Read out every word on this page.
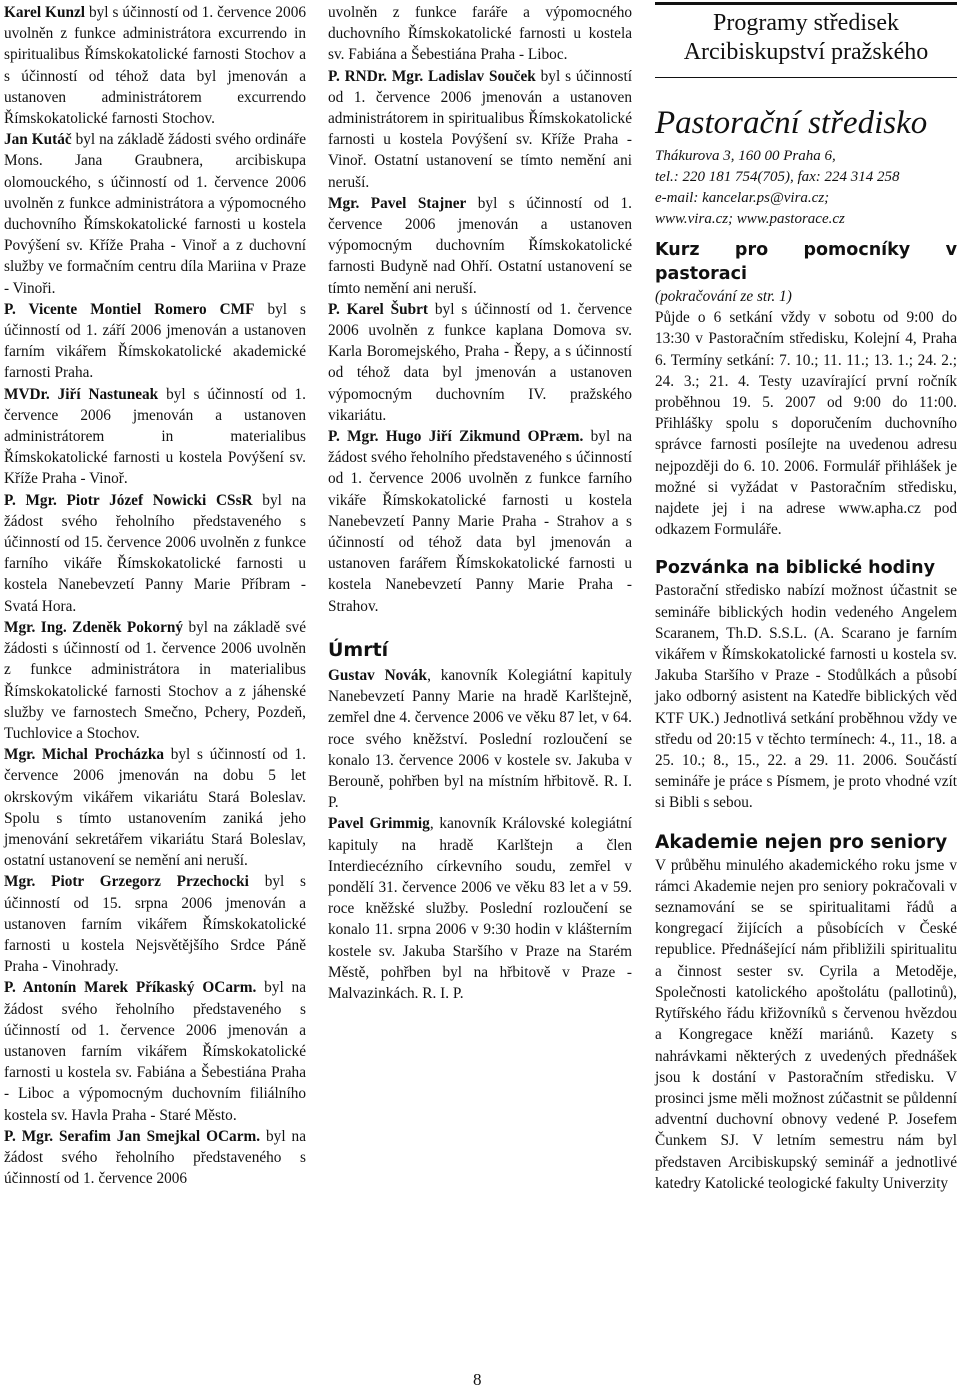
Karel Kunzl byl s účinností od 1. července 2006 uvolněn z funkce administrátora excurrendo in spiritualibus Římskokatolické farnosti Stochov a s účinností od téhož data byl jmenován a ustanoven administrátorem excurrendo Římskokatolické farnosti Stochov.

Jan Kutáč byl na základě žádosti svého ordináře Mons. Jana Graubnera, arcibiskupa olomouckého, s účinností od 1. července 2006 uvolněn z funkce administrátora a výpomocného duchovního Římskokatolické farnosti u kostela Povýšení sv. Kříže Praha - Vinoř a z duchovní služby ve formačním centru díla Mariina v Praze - Vinoři.

P. Vicente Montiel Romero CMF byl s účinností od 1. září 2006 jmenován a ustanoven farním vikářem Římskokatolické akademické farnosti Praha.

MVDr. Jiří Nastuneak byl s účinností od 1. července 2006 jmenován a ustanoven administrátorem in materialibus Římskokatolické farnosti u kostela Povýšení sv. Kříže Praha - Vinoř.

P. Mgr. Piotr Józef Nowicki CSsR byl na žádost svého řeholního představeného s účinností od 15. července 2006 uvolněn z funkce farního vikáře Římskokatolické farnosti u kostela Nanebevzetí Panny Marie Příbram - Svatá Hora.

Mgr. Ing. Zdeněk Pokorný byl na základě své žádosti s účinností od 1. července 2006 uvolněn z funkce administrátora in materialibus Římskokatolické farnosti Stochov a z jáhenské služby ve farnostech Smečno, Pchery, Pozdeň, Tuchlovice a Stochov.

Mgr. Michal Procházka byl s účinností od 1. července 2006 jmenován na dobu 5 let okrskovým vikářem vikariátu Stará Boleslav. Spolu s tímto ustanovením zaniká jeho jmenování sekretářem vikariátu Stará Boleslav, ostatní ustanovení se nemění ani neruší.

Mgr. Piotr Grzegorz Przechocki byl s účinností od 15. srpna 2006 jmenován a ustanoven farním vikářem Římskokatolické farnosti u kostela Nejsvětějšího Srdce Páně Praha - Vinohrady.

P. Antonín Marek Příkaský OCarm. byl na žádost svého řeholního představeného s účinností od 1. července 2006 jmenován a ustanoven farním vikářem Římskokatolické farnosti u kostela sv. Fabiána a Šebestiána Praha - Liboc a výpomocným duchovním filiálního kostela sv. Havla Praha - Staré Město.

P. Mgr. Serafim Jan Smejkal OCarm. byl na žádost svého řeholního představeného s účinností od 1. července 2006

uvolněn z funkce faráře a výpomocného duchovního Římskokatolické farnosti u kostela sv. Fabiána a Šebestiána Praha - Liboc.

P. RNDr. Mgr. Ladislav Souček byl s účinností od 1. července 2006 jmenován a ustanoven administrátorem in spiritualibus Římskokatolické farnosti u kostela Povýšení sv. Kříže Praha - Vinoř. Ostatní ustanovení se tímto nemění ani neruší.

Mgr. Pavel Stajner byl s účinností od 1. července 2006 jmenován a ustanoven výpomocným duchovním Římskokatolické farnosti Budyně nad Ohří. Ostatní ustanovení se tímto nemění ani neruší.

P. Karel Šubrt byl s účinností od 1. července 2006 uvolněn z funkce kaplana Domova sv. Karla Boromejského, Praha - Řepy, a s účinností od téhož data byl jmenován a ustanoven výpomocným duchovním IV. pražského vikariátu.

P. Mgr. Hugo Jiří Zikmund OPræm. byl na žádost svého řeholního představeného s účinností od 1. července 2006 uvolněn z funkce farního vikáře Římskokatolické farnosti u kostela Nanebevzetí Panny Marie Praha - Strahov a s účinností od téhož data byl jmenován a ustanoven farářem Římskokatolické farnosti u kostela Nanebevzetí Panny Marie Praha - Strahov.

Úmrtí

Gustav Novák, kanovník Kolegiátní kapituly Nanebevzetí Panny Marie na hradě Karlštejně, zemřel dne 4. července 2006 ve věku 87 let, v 64. roce svého kněžství. Poslední rozloučení se konalo 13. července 2006 v kostele sv. Jakuba v Berouně, pohřben byl na místním hřbitově. R. I. P.

Pavel Grimmig, kanovník Královské kolegiátní kapituly na hradě Karlštejn a člen Interdiecézního církevního soudu, zemřel v pondělí 31. července 2006 ve věku 83 let a v 59. roce kněžské služby. Poslední rozloučení se konalo 11. srpna 2006 v 9:30 hodin v klášterním kostele sv. Jakuba Staršího v Praze na Starém Městě, pohřben byl na hřbitově v Praze - Malvazinkách. R. I. P.

Programy středisek Arcibiskupství pražského
Pastorační středisko
Thákurova 3, 160 00 Praha 6,
tel.: 220 181 754(705), fax: 224 314 258
e-mail: kancelar.ps@vira.cz;
www.vira.cz; www.pastorace.cz
Kurz pro pomocníky v pastoraci
(pokračování ze str. 1)

Půjde o 6 setkání vždy v sobotu od 9:00 do 13:30 v Pastoračním středisku, Kolejní 4, Praha 6. Termíny setkání: 7. 10.; 11. 11.; 13. 1.; 24. 2.; 24. 3.; 21. 4. Testy uzavírající první ročník proběhnou 19. 5. 2007 od 9:00 do 11:00. Přihlášky spolu s doporučením duchovního správce farnosti posílejte na uvedenou adresu nejpozději do 6. 10. 2006. Formulář přihlášek je možné si vyžádat v Pastoračním středisku, najdete jej i na adrese www.apha.cz pod odkazem Formuláře.

Pozvánka na biblické hodiny

Pastorační středisko nabízí možnost účastnit se semináře biblických hodin vedeného Angelem Scaranem, Th.D. S.S.L. (A. Scarano je farním vikářem v Římskokatolické farnosti u kostela sv. Jakuba Staršího v Praze - Stodůlkách a působí jako odborný asistent na Katedře biblických věd KTF UK.) Jednotlivá setkání proběhnou vždy ve středu od 20:15 v těchto termínech: 4., 11., 18. a 25. 10.; 8., 15., 22. a 29. 11. 2006. Součástí semináře je práce s Písmem, je proto vhodné vzít si Bibli s sebou.

Akademie nejen pro seniory

V průběhu minulého akademického roku jsme v rámci Akademie nejen pro seniory pokračovali v seznamování se se spiritualitami řádů a kongregací žijících a působících v České republice. Přednášející nám přibližili spiritualitu a činnost sester sv. Cyrila a Metoděje, Společnosti katolického apoštolátu (pallotinů), Rytířského řádu křižovníků s červenou hvězdou a Kongregace kněží mariánů. Kazety s nahrávkami některých z uvedených přednášek jsou k dostání v Pastoračním středisku. V prosinci jsme měli možnost zúčastnit se půldenní adventní duchovní obnovy vedené P. Josefem Čunkem SJ. V letním semestru nám byl představen Arcibiskupský seminář a jednotlivé katedry Katolické teologické fakulty Univerzity

8
